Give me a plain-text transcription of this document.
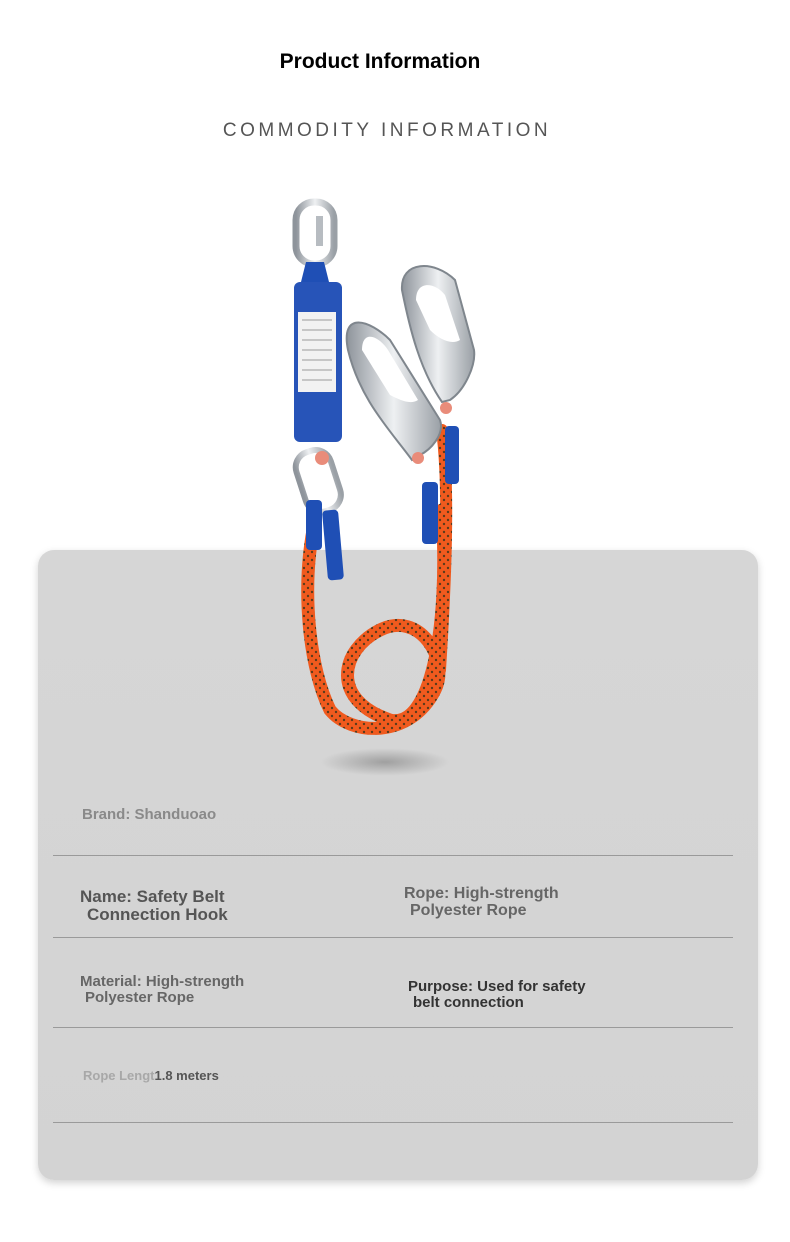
Product Information
COMMODITY INFORMATION
Brand: Shanduoao
Name: Safety Belt
Connection Hook
Rope: High-strength
Polyester Rope
Material: High-strength
Polyester Rope
Purpose: Used for safety
belt connection
Rope Lengt1.8 meters
